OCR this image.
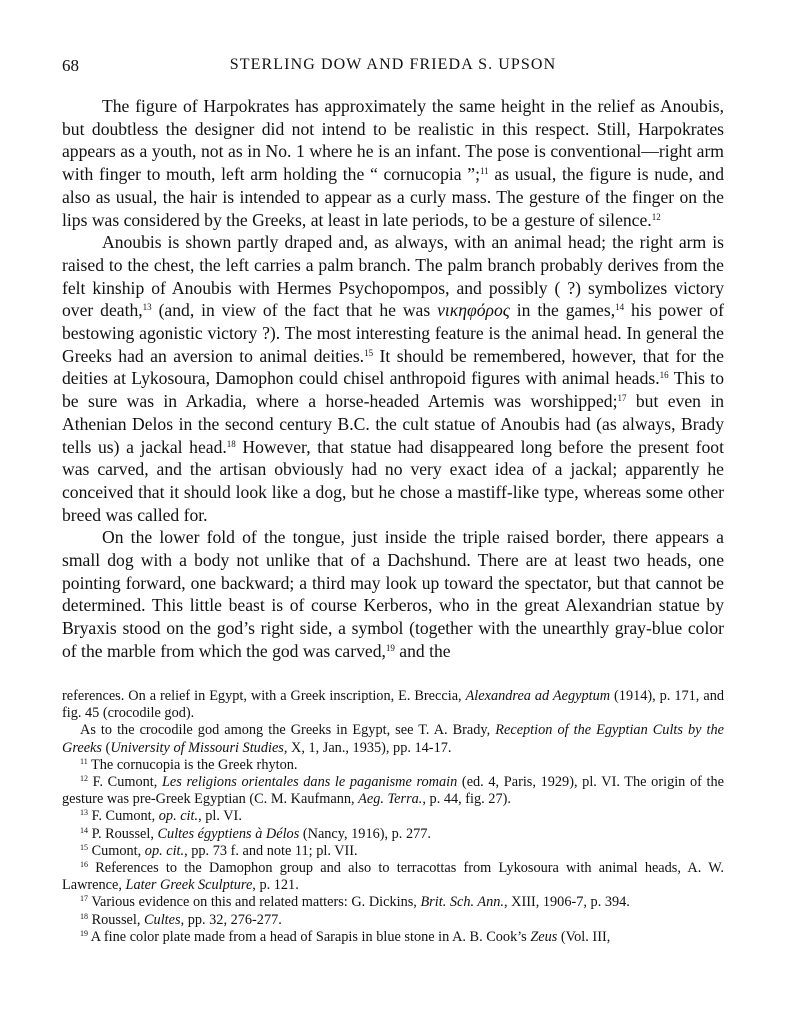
68	STERLING DOW AND FRIEDA S. UPSON

The figure of Harpokrates has approximately the same height in the relief as Anoubis, but doubtless the designer did not intend to be realistic in this respect. Still, Harpokrates appears as a youth, not as in No. 1 where he is an infant. The pose is conventional—right arm with finger to mouth, left arm holding the “ cornucopia ”;$^{11}$ as usual, the figure is nude, and also as usual, the hair is intended to appear as a curly mass. The gesture of the finger on the lips was considered by the Greeks, at least in late periods, to be a gesture of silence.$^{12}$

Anoubis is shown partly draped and, as always, with an animal head; the right arm is raised to the chest, the left carries a palm branch. The palm branch probably derives from the felt kinship of Anoubis with Hermes Psychopompos, and possibly ( ?) symbolizes victory over death,$^{13}$ (and, in view of the fact that he was νικηφόρος in the games,$^{14}$ his power of bestowing agonistic victory ?). The most interesting feature is the animal head. In general the Greeks had an aversion to animal deities.$^{15}$ It should be remembered, however, that for the deities at Lykosoura, Damophon could chisel anthropoid figures with animal heads.$^{16}$ This to be sure was in Arkadia, where a horse-headed Artemis was worshipped;$^{17}$ but even in Athenian Delos in the second century B.C. the cult statue of Anoubis had (as always, Brady tells us) a jackal head.$^{18}$ However, that statue had disappeared long before the present foot was carved, and the artisan obviously had no very exact idea of a jackal; apparently he conceived that it should look like a dog, but he chose a mastiff-like type, whereas some other breed was called for.

On the lower fold of the tongue, just inside the triple raised border, there appears a small dog with a body not unlike that of a Dachshund. There are at least two heads, one pointing forward, one backward; a third may look up toward the spectator, but that cannot be determined. This little beast is of course Kerberos, who in the great Alexandrian statue by Bryaxis stood on the god’s right side, a symbol (together with the unearthly gray-blue color of the marble from which the god was carved,$^{19}$ and the

references. On a relief in Egypt, with a Greek inscription, E. Breccia, Alexandrea ad Aegyptum (1914), p. 171, and fig. 45 (crocodile god).

As to the crocodile god among the Greeks in Egypt, see T. A. Brady, Reception of the Egyptian Cults by the Greeks (University of Missouri Studies, X, 1, Jan., 1935), pp. 14-17.

$^{11}$ The cornucopia is the Greek rhyton.

$^{12}$ F. Cumont, Les religions orientales dans le paganisme romain (ed. 4, Paris, 1929), pl. VI. The origin of the gesture was pre-Greek Egyptian (C. M. Kaufmann, Aeg. Terra., p. 44, fig. 27).

$^{13}$ F. Cumont, op. cit., pl. VI.

$^{14}$ P. Roussel, Cultes égyptiens à Délos (Nancy, 1916), p. 277.

$^{15}$ Cumont, op. cit., pp. 73 f. and note 11; pl. VII.

$^{16}$ References to the Damophon group and also to terracottas from Lykosoura with animal heads, A. W. Lawrence, Later Greek Sculpture, p. 121.

$^{17}$ Various evidence on this and related matters: G. Dickins, Brit. Sch. Ann., XIII, 1906-7, p. 394.

$^{18}$ Roussel, Cultes, pp. 32, 276-277.

$^{19}$ A fine color plate made from a head of Sarapis in blue stone in A. B. Cook’s Zeus (Vol. III,
